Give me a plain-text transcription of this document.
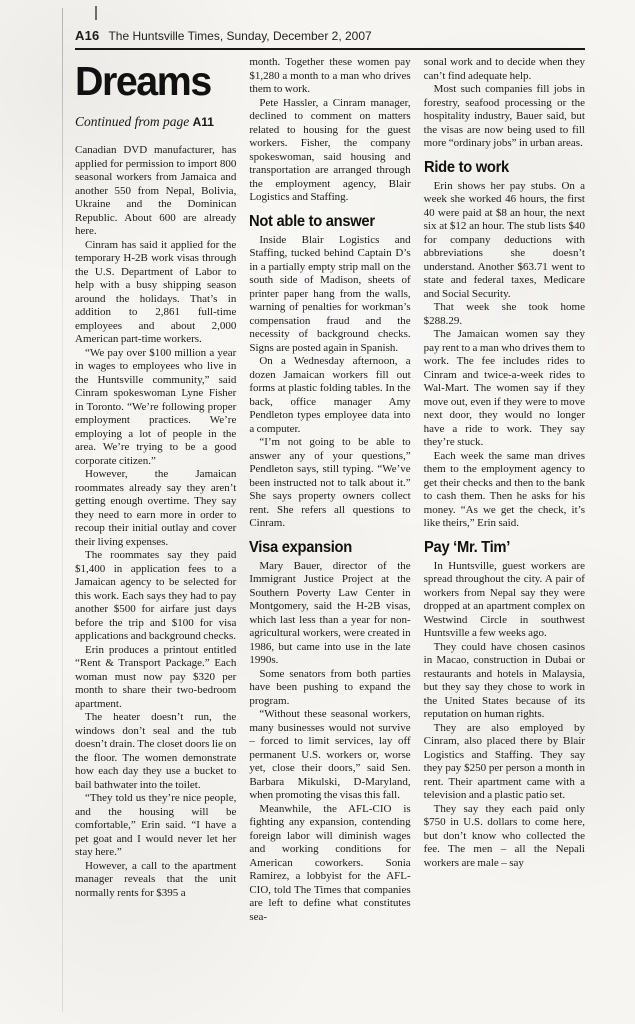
A16 The Huntsville Times, Sunday, December 2, 2007
Dreams
Continued from page A11

Canadian DVD manufacturer, has applied for permission to import 800 seasonal workers from Jamaica and another 550 from Nepal, Bolivia, Ukraine and the Dominican Republic. About 600 are already here.

Cinram has said it applied for the temporary H-2B work visas through the U.S. Department of Labor to help with a busy shipping season around the holidays. That’s in addition to 2,861 full-time employees and about 2,000 American part-time workers.

“We pay over $100 million a year in wages to employees who live in the Huntsville community,” said Cinram spokeswoman Lyne Fisher in Toronto. “We’re following proper employment practices. We’re employing a lot of people in the area. We’re trying to be a good corporate citizen.”

However, the Jamaican roommates already say they aren’t getting enough overtime. They say they need to earn more in order to recoup their initial outlay and cover their living expenses.

The roommates say they paid $1,400 in application fees to a Jamaican agency to be selected for this work. Each says they had to pay another $500 for airfare just days before the trip and $100 for visa applications and background checks.

Erin produces a printout entitled “Rent & Transport Package.” Each woman must now pay $320 per month to share their two-bedroom apartment.

The heater doesn’t run, the windows don’t seal and the tub doesn’t drain. The closet doors lie on the floor. The women demonstrate how each day they use a bucket to bail bathwater into the toilet.

“They told us they’re nice people, and the housing will be comfortable,” Erin said. “I have a pet goat and I would never let her stay here.”

However, a call to the apartment manager reveals that the unit normally rents for $395 a

month. Together these women pay $1,280 a month to a man who drives them to work.

Pete Hassler, a Cinram manager, declined to comment on matters related to housing for the guest workers. Fisher, the company spokeswoman, said housing and transportation are arranged through the employment agency, Blair Logistics and Staffing.

Not able to answer

Inside Blair Logistics and Staffing, tucked behind Captain D’s in a partially empty strip mall on the south side of Madison, sheets of printer paper hang from the walls, warning of penalties for workman’s compensation fraud and the necessity of background checks. Signs are posted again in Spanish.

On a Wednesday afternoon, a dozen Jamaican workers fill out forms at plastic folding tables. In the back, office manager Amy Pendleton types employee data into a computer.

“I’m not going to be able to answer any of your questions,” Pendleton says, still typing. “We’ve been instructed not to talk about it.” She says property owners collect rent. She refers all questions to Cinram.

Visa expansion

Mary Bauer, director of the Immigrant Justice Project at the Southern Poverty Law Center in Montgomery, said the H-2B visas, which last less than a year for non-agricultural workers, were created in 1986, but came into use in the late 1990s.

Some senators from both parties have been pushing to expand the program.

“Without these seasonal workers, many businesses would not survive – forced to limit services, lay off permanent U.S. workers or, worse yet, close their doors,” said Sen. Barbara Mikulski, D-Maryland, when promoting the visas this fall.

Meanwhile, the AFL-CIO is fighting any expansion, contending foreign labor will diminish wages and working conditions for American coworkers. Sonia Ramirez, a lobbyist for the AFL-CIO, told The Times that companies are left to define what constitutes sea-

sonal work and to decide when they can’t find adequate help.

Most such companies fill jobs in forestry, seafood processing or the hospitality industry, Bauer said, but the visas are now being used to fill more “ordinary jobs” in urban areas.

Ride to work

Erin shows her pay stubs. On a week she worked 46 hours, the first 40 were paid at $8 an hour, the next six at $12 an hour. The stub lists $40 for company deductions with abbreviations she doesn’t understand. Another $63.71 went to state and federal taxes, Medicare and Social Security.

That week she took home $288.29.

The Jamaican women say they pay rent to a man who drives them to work. The fee includes rides to Cinram and twice-a-week rides to Wal-Mart. The women say if they move out, even if they were to move next door, they would no longer have a ride to work. They say they’re stuck.

Each week the same man drives them to the employment agency to get their checks and then to the bank to cash them. Then he asks for his money. “As we get the check, it’s like theirs,” Erin said.

Pay ‘Mr. Tim’

In Huntsville, guest workers are spread throughout the city. A pair of workers from Nepal say they were dropped at an apartment complex on Westwind Circle in southwest Huntsville a few weeks ago.

They could have chosen casinos in Macao, construction in Dubai or restaurants and hotels in Malaysia, but they say they chose to work in the United States because of its reputation on human rights.

They are also employed by Cinram, also placed there by Blair Logistics and Staffing. They say they pay $250 per person a month in rent. Their apartment came with a television and a plastic patio set.

They say they each paid only $750 in U.S. dollars to come here, but don’t know who collected the fee. The men – all the Nepali workers are male – say
